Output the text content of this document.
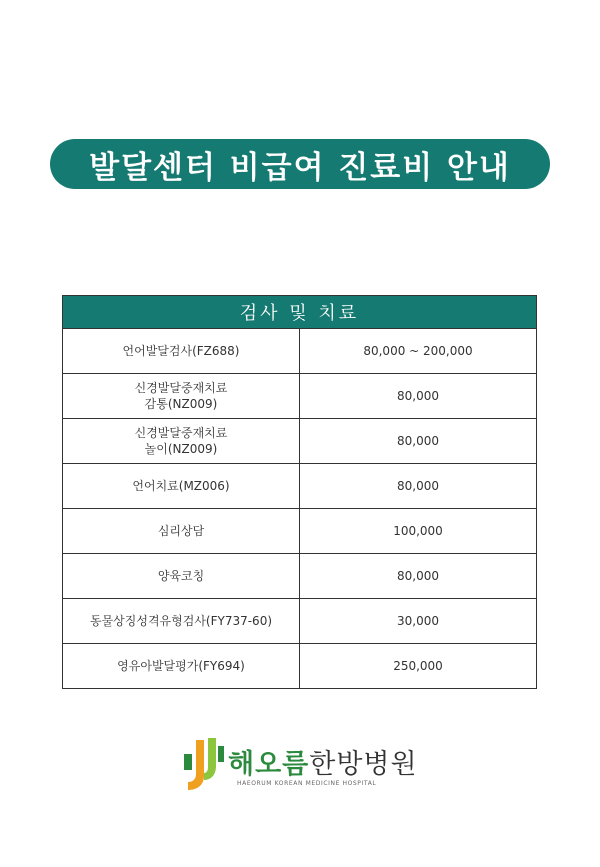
발달센터 비급여 진료비 안내
검사 및 치료	

언어발달검사(FZ688)	80,000 ~ 200,000

신경발달중재치료
감통(NZ009)	80,000

신경발달중재치료
놀이(NZ009)	80,000

언어치료(MZ006)	80,000

심리상담	100,000

양육코칭	80,000

동물상징성격유형검사(FY737-60)	30,000

영유아발달평가(FY694)	250,000
해오름한방병원
HAEORUM KOREAN MEDICINE HOSPITAL
